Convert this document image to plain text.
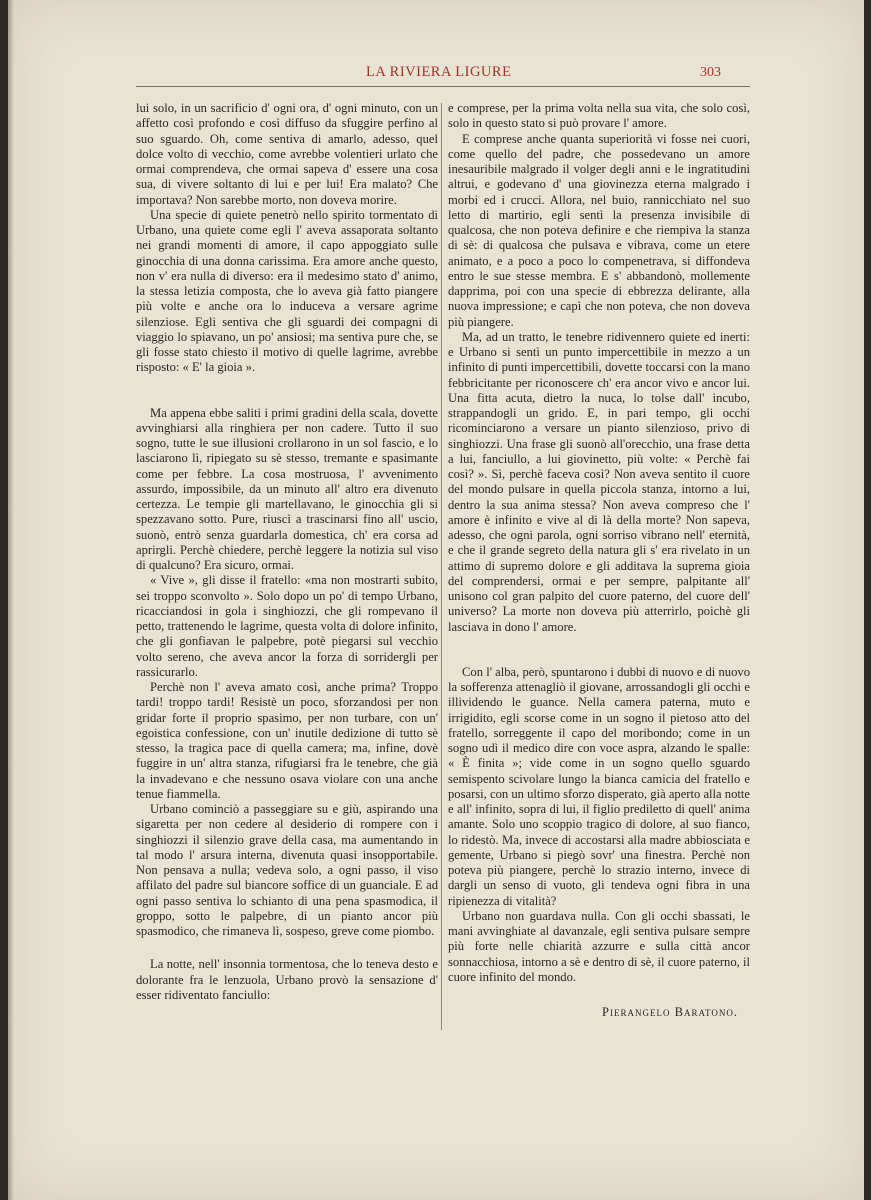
LA RIVIERA LIGURE	303

lui solo, in un sacrificio d' ogni ora, d' ogni minuto, con un affetto così profondo e così diffuso da sfuggire perfino al suo sguardo. Oh, come sentiva di amarlo, adesso, quel dolce volto di vecchio, come avrebbe volentieri urlato che ormai comprendeva, che ormai sapeva d' essere una cosa sua, di vivere soltanto di lui e per lui! Era malato? Che importava? Non sarebbe morto, non doveva morire.

Una specie di quiete penetrò nello spirito tormentato di Urbano, una quiete come egli l' aveva assaporata soltanto nei grandi momenti di amore, il capo appoggiato sulle ginocchia di una donna carissima. Era amore anche questo, non v' era nulla di diverso: era il medesimo stato d' animo, la stessa letizia composta, che lo aveva già fatto piangere più volte e anche ora lo induceva a versare agrime silenziose. Egli sentiva che gli sguardi dei compagni di viaggio lo spiavano, un po' ansiosi; ma sentiva pure che, se gli fosse stato chiesto il motivo di quelle lagrime, avrebbe risposto: « E' la gioia ».

Ma appena ebbe saliti i primi gradini della scala, dovette avvinghiarsi alla ringhiera per non cadere. Tutto il suo sogno, tutte le sue illusioni crollarono in un sol fascio, e lo lasciarono lì, ripiegato su sè stesso, tremante e spasimante come per febbre. La cosa mostruosa, l' avvenimento assurdo, impossibile, da un minuto all' altro era divenuto certezza. Le tempie gli martellavano, le ginocchia gli si spezzavano sotto. Pure, riuscì a trascinarsi fino all' uscio, suonò, entrò senza guardarla domestica, ch' era corsa ad aprirgli. Perchè chiedere, perchè leggere la notizia sul viso di qualcuno? Era sicuro, ormai.

« Vive », gli disse il fratello: «ma non mostrarti subito, sei troppo sconvolto ». Solo dopo un po' di tempo Urbano, ricacciandosi in gola i singhiozzi, che gli rompevano il petto, trattenendo le lagrime, questa volta di dolore infinito, che gli gonfiavan le palpebre, potè piegarsi sul vecchio volto sereno, che aveva ancor la forza di sorridergli per rassicurarlo.

Perchè non l' aveva amato così, anche prima? Troppo tardi! troppo tardi! Resistè un poco, sforzandosi per non gridar forte il proprio spasimo, per non turbare, con un' egoistica confessione, con un' inutile dedizione di tutto sè stesso, la tragica pace di quella camera; ma, infine, dovè fuggire in un' altra stanza, rifugiarsi fra le tenebre, che già la invadevano e che nessuno osava violare con una anche tenue fiammella.

Urbano cominciò a passeggiare su e giù, aspirando una sigaretta per non cedere al desiderio di rompere con i singhiozzi il silenzio grave della casa, ma aumentando in tal modo l' arsura interna, divenuta quasi insopportabile. Non pensava a nulla; vedeva solo, a ogni passo, il viso affilato del padre sul biancore soffice di un guanciale. E ad ogni passo sentiva lo schianto di una pena spasmodica, il groppo, sotto le palpebre, di un pianto ancor più spasmodico, che rimaneva lì, sospeso, greve come piombo.

La notte, nell' insonnia tormentosa, che lo teneva desto e dolorante fra le lenzuola, Urbano provò la sensazione d' esser ridiventato fanciullo:

e comprese, per la prima volta nella sua vita, che solo così, solo in questo stato si può provare l' amore.

E comprese anche quanta superiorità vi fosse nei cuori, come quello del padre, che possedevano un amore inesauribile malgrado il volger degli anni e le ingratitudini altrui, e godevano d' una giovinezza eterna malgrado i morbi ed i crucci. Allora, nel buio, rannicchiato nel suo letto di martirio, egli sentì la presenza invisibile di qualcosa, che non poteva definire e che riempiva la stanza di sè: di qualcosa che pulsava e vibrava, come un etere animato, e a poco a poco lo compenetrava, si diffondeva entro le sue stesse membra. E s' abbandonò, mollemente dapprima, poi con una specie di ebbrezza delirante, alla nuova impressione; e capì che non poteva, che non doveva più piangere.

Ma, ad un tratto, le tenebre ridivennero quiete ed inerti: e Urbano si sentì un punto impercettibile in mezzo a un infinito di punti impercettibili, dovette toccarsi con la mano febbricitante per riconoscere ch' era ancor vivo e ancor lui. Una fitta acuta, dietro la nuca, lo tolse dall' incubo, strappandogli un grido. E, in pari tempo, gli occhi ricominciarono a versare un pianto silenzioso, privo di singhiozzi. Una frase gli suonò all'orecchio, una frase detta a lui, fanciullo, a lui giovinetto, più volte: « Perchè fai così? ». Sì, perchè faceva così? Non aveva sentito il cuore del mondo pulsare in quella piccola stanza, intorno a lui, dentro la sua anima stessa? Non aveva compreso che l' amore è infinito e vive al di là della morte? Non sapeva, adesso, che ogni parola, ogni sorriso vibrano nell' eternità, e che il grande segreto della natura gli s' era rivelato in un attimo di supremo dolore e gli additava la suprema gioia del comprendersi, ormai e per sempre, palpitante all' unisono col gran palpito del cuore paterno, del cuore dell' universo? La morte non doveva più atterrirlo, poichè gli lasciava in dono l' amore.

Con l' alba, però, spuntarono i dubbi di nuovo e di nuovo la sofferenza attenagliò il giovane, arrossandogli gli occhi e illividendo le guance. Nella camera paterna, muto e irrigidito, egli scorse come in un sogno il pietoso atto del fratello, sorreggente il capo del moribondo; come in un sogno udì il medico dire con voce aspra, alzando le spalle: « È finita »; vide come in un sogno quello sguardo semispento scivolare lungo la bianca camicia del fratello e posarsi, con un ultimo sforzo disperato, già aperto alla notte e all' infinito, sopra di lui, il figlio prediletto di quell' anima amante. Solo uno scoppio tragico di dolore, al suo fianco, lo ridestò. Ma, invece di accostarsi alla madre abbiosciata e gemente, Urbano si piegò sovr' una finestra. Perchè non poteva più piangere, perchè lo strazio interno, invece di dargli un senso di vuoto, gli tendeva ogni fibra in una ripienezza di vitalità?

Urbano non guardava nulla. Con gli occhi sbassati, le mani avvinghiate al davanzale, egli sentiva pulsare sempre più forte nelle chiarità azzurre e sulla città ancor sonnacchiosa, intorno a sè e dentro di sè, il cuore paterno, il cuore infinito del mondo.

Pierangelo Baratono.
